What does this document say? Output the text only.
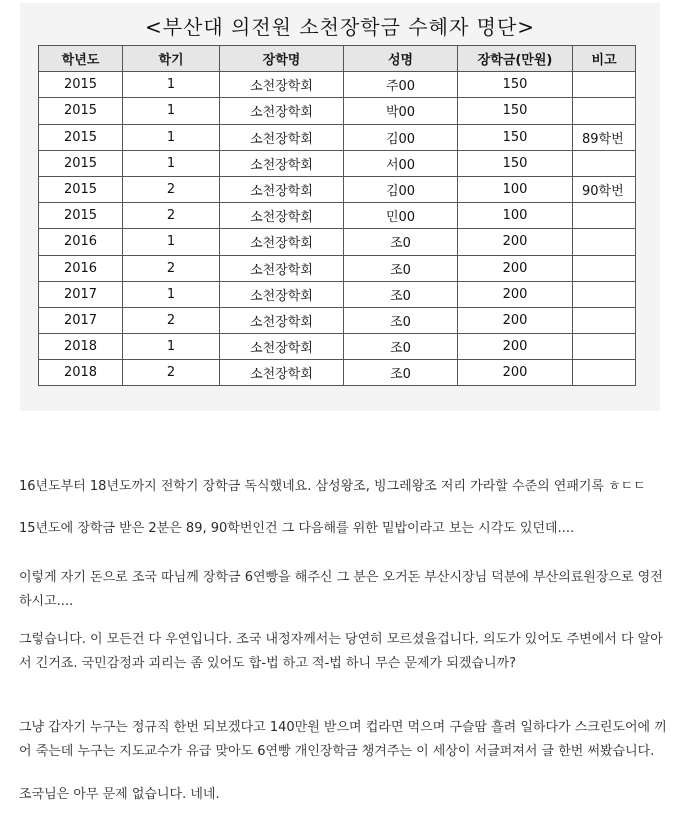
<부산대 의전원 소천장학금 수혜자 명단>
학년도	학기	장학명	성명	장학금(만원)	비고
2015	1	소천장학회	주00	150	
2015	1	소천장학회	박00	150	
2015	1	소천장학회	김00	150	89학번
2015	1	소천장학회	서00	150	
2015	2	소천장학회	김00	100	90학번
2015	2	소천장학회	민00	100	
2016	1	소천장학회	조0	200	
2016	2	소천장학회	조0	200	
2017	1	소천장학회	조0	200	
2017	2	소천장학회	조0	200	
2018	1	소천장학회	조0	200	
2018	2	소천장학회	조0	200	
16년도부터 18년도까지 전학기 장학금 독식했네요. 삼성왕조, 빙그레왕조 저리 가라할 수준의 연패기록 ㅎㄷㄷ
15년도에 장학금 받은 2분은 89, 90학번인건 그 다음해를 위한 밑밥이라고 보는 시각도 있던데....
이렇게 자기 돈으로 조국 따님께 장학금 6연빵을 해주신 그 분은 오거돈 부산시장님 덕분에 부산의료원장으로 영전하시고....
그렇습니다. 이 모든건 다 우연입니다. 조국 내정자께서는 당연히 모르셨을겁니다. 의도가 있어도 주변에서 다 알아서 긴거죠. 국민감정과 괴리는 좀 있어도 합-법 하고 적-법 하니 무슨 문제가 되겠습니까?
그냥 갑자기 누구는 정규직 한번 되보겠다고 140만원 받으며 컵라면 먹으며 구슬땀 흘려 일하다가 스크린도어에 끼어 죽는데 누구는 지도교수가 유급 맞아도 6연빵 개인장학금 챙겨주는 이 세상이 서글퍼져서 글 한번 써봤습니다.
조국님은 아무 문제 없습니다. 네네.
